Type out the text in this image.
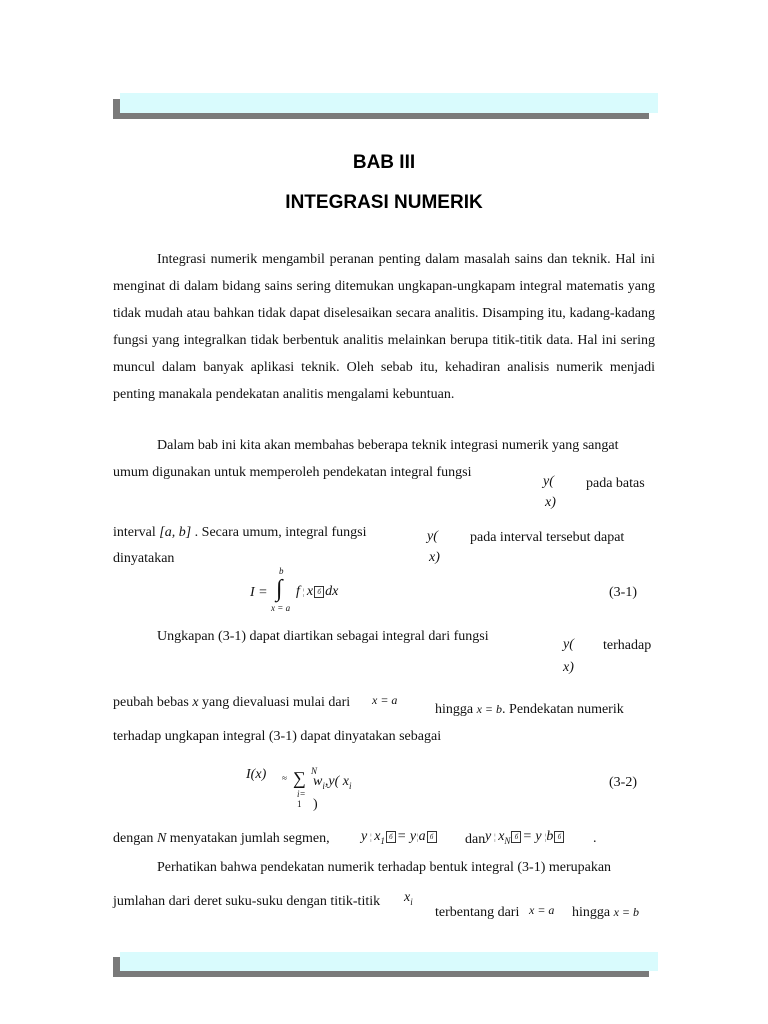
BAB III
INTEGRASI NUMERIK
Integrasi numerik mengambil peranan penting dalam masalah sains dan teknik. Hal ini menginat di dalam bidang sains sering ditemukan ungkapan-ungkapam integral matematis yang tidak mudah atau bahkan tidak dapat diselesaikan secara analitis. Disamping itu, kadang-kadang fungsi yang integralkan tidak berbentuk analitis melainkan berupa titik-titik data. Hal ini sering muncul dalam banyak aplikasi teknik. Oleh sebab itu, kehadiran analisis numerik menjadi penting manakala pendekatan analitis mengalami kebuntuan.
Dalam bab ini kita akan membahas beberapa teknik integrasi numerik yang sangat
umum digunakan untuk memperoleh pendekatan integral fungsi
y(
x)
pada batas
interval [a, b] . Secara umum, integral fungsi	y(
x)
pada interval tersebut dapat
dinyatakan
I =
b
∫
x = a
f ¦ x б dx	(3-1)
Ungkapan (3-1) dapat diartikan sebagai integral dari fungsi
y(
x)
terhadap
peubah bebas x yang dievaluasi mulai dari x = a
hingga x = b. Pendekatan numerik
terhadap ungkapan integral (3-1) dapat dinyatakan sebagai
I(x) ≈ ∑ N
$w_i,y$( $x_i$
i=
1 )
(3-2)
dengan N menyatakan jumlah segmen, y ¦ $x_1$ б = y¦a б	dan y ¦ $x_N$ б = y ¦b б	.
Perhatikan bahwa pendekatan numerik terhadap bentuk integral (3-1) merupakan
jumlahan dari deret suku-suku dengan titik-titik $x_i$
terbentang dari x = a hingga x = b
